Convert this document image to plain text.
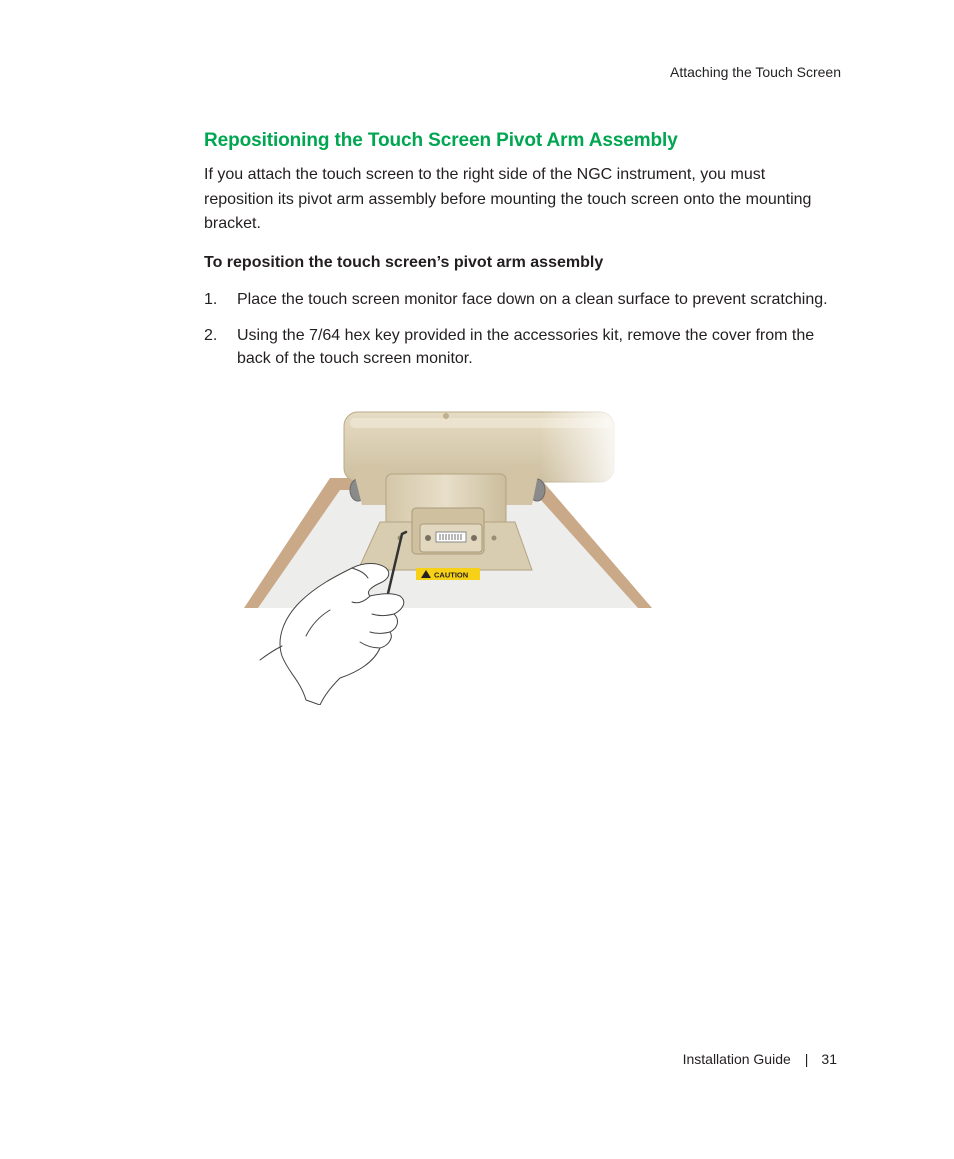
Attaching the Touch Screen
Repositioning the Touch Screen Pivot Arm Assembly

If you attach the touch screen to the right side of the NGC instrument, you must reposition its pivot arm assembly before mounting the touch screen onto the mounting bracket.

To reposition the touch screen’s pivot arm assembly
1.	Place the touch screen monitor face down on a clean surface to prevent scratching.
2.	Using the 7/64 hex key provided in the accessories kit, remove the cover from the back of the touch screen monitor.
CAUTION
Installation Guide | 31
